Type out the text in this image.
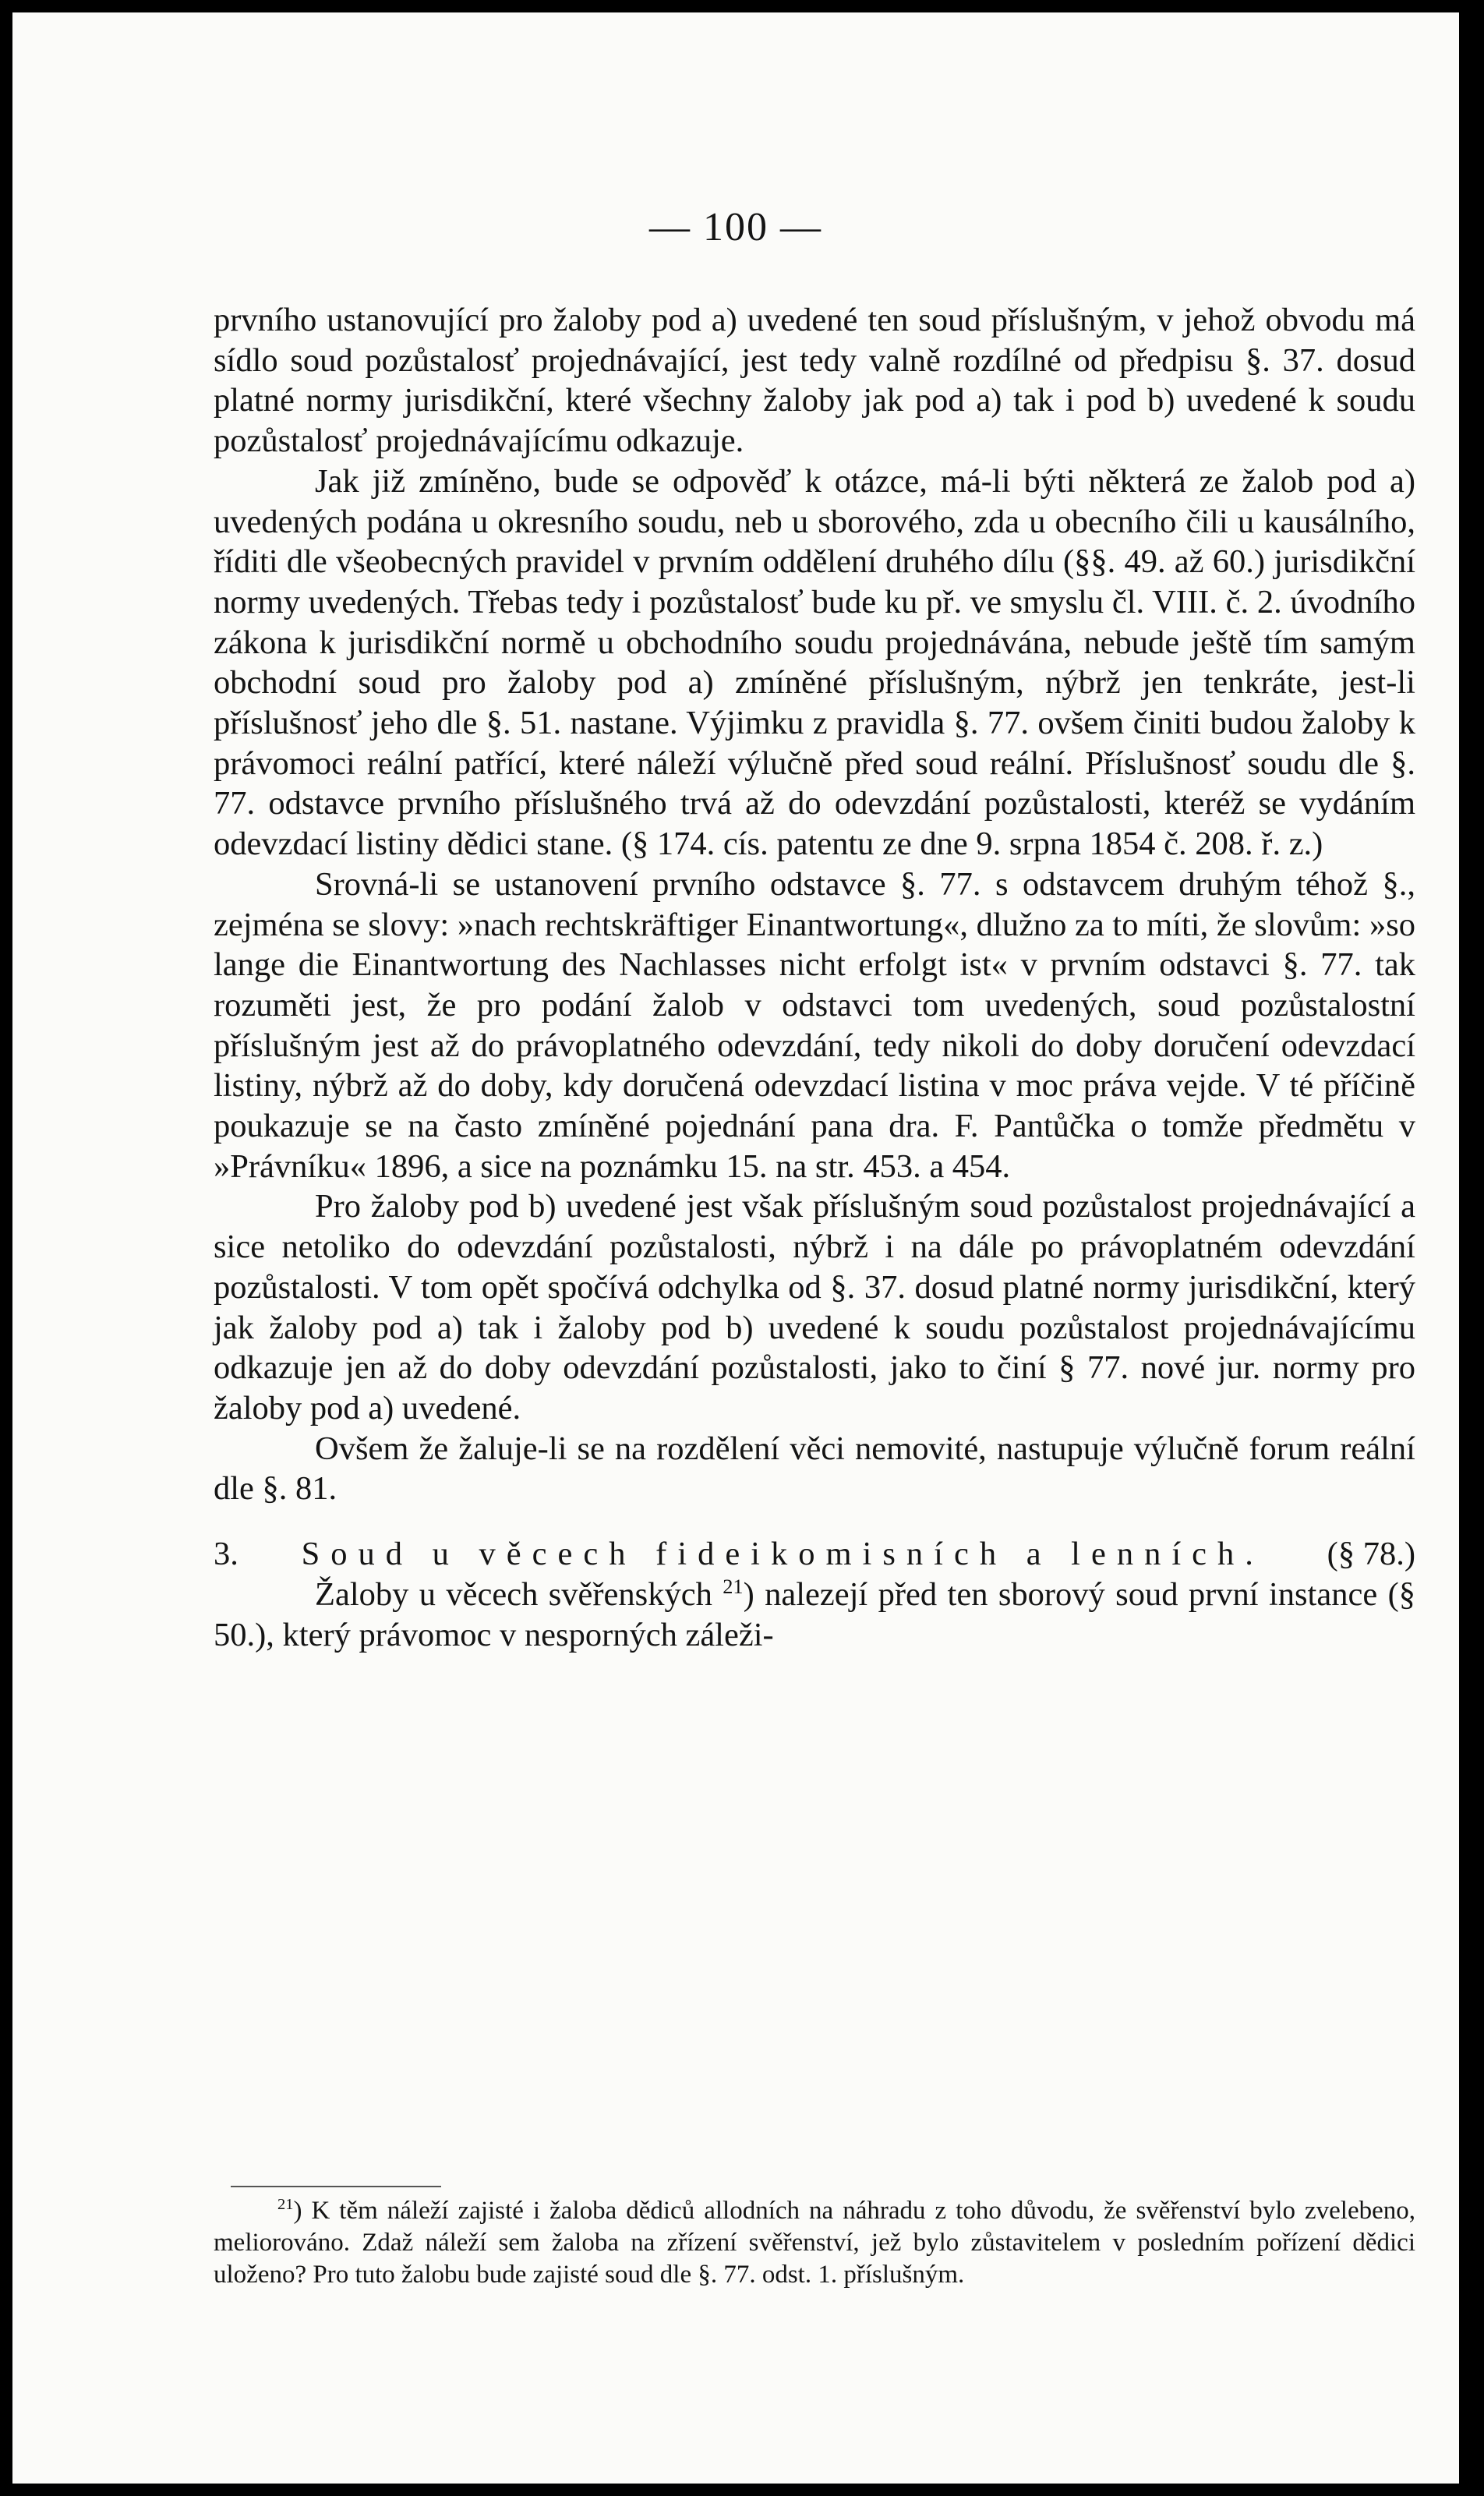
— 100 —

prvního ustanovující pro žaloby pod a) uvedené ten soud příslušným, v jehož obvodu má sídlo soud pozůstalosť projednávající, jest tedy valně rozdílné od předpisu §. 37. dosud platné normy jurisdikční, které všechny žaloby jak pod a) tak i pod b) uvedené k soudu pozůstalosť projednávajícímu odkazuje.

Jak již zmíněno, bude se odpověď k otázce, má-li býti některá ze žalob pod a) uvedených podána u okresního soudu, neb u sborového, zda u obecního čili u kausálního, říditi dle všeobecných pravidel v prvním oddělení druhého dílu (§§. 49. až 60.) jurisdikční normy uvedených. Třebas tedy i pozůstalosť bude ku př. ve smyslu čl. VIII. č. 2. úvodního zákona k jurisdikční normě u obchodního soudu projednávána, nebude ještě tím samým obchodní soud pro žaloby pod a) zmíněné příslušným, nýbrž jen tenkráte, jest-li příslušnosť jeho dle §. 51. nastane. Výjimku z pravidla §. 77. ovšem činiti budou žaloby k právomoci reální patřící, které náleží výlučně před soud reální. Příslušnosť soudu dle §. 77. odstavce prvního příslušného trvá až do odevzdání pozůstalosti, kteréž se vydáním odevzdací listiny dědici stane. (§ 174. cís. patentu ze dne 9. srpna 1854 č. 208. ř. z.)

Srovná-li se ustanovení prvního odstavce §. 77. s odstavcem druhým téhož §., zejména se slovy: »nach rechtskräftiger Einantwortung«, dlužno za to míti, že slovům: »so lange die Einantwortung des Nachlasses nicht erfolgt ist« v prvním odstavci §. 77. tak rozuměti jest, že pro podání žalob v odstavci tom uvedených, soud pozůstalostní příslušným jest až do právoplatného odevzdání, tedy nikoli do doby doručení odevzdací listiny, nýbrž až do doby, kdy doručená odevzdací listina v moc práva vejde. V té příčině poukazuje se na často zmíněné pojednání pana dra. F. Pantůčka o tomže předmětu v »Právníku« 1896, a sice na poznámku 15. na str. 453. a 454.

Pro žaloby pod b) uvedené jest však příslušným soud pozůstalost projednávající a sice netoliko do odevzdání pozůstalosti, nýbrž i na dále po právoplatném odevzdání pozůstalosti. V tom opět spočívá odchylka od §. 37. dosud platné normy jurisdikční, který jak žaloby pod a) tak i žaloby pod b) uvedené k soudu pozůstalost projednávajícímu odkazuje jen až do doby odevzdání pozůstalosti, jako to činí § 77. nové jur. normy pro žaloby pod a) uvedené.

Ovšem že žaluje-li se na rozdělení věci nemovité, nastupuje výlučně forum reální dle §. 81.

3. Soud u věcech fideikomisních a lenních. (§ 78.)

Žaloby u věcech svěřenských $^{21}$) nalezejí před ten sborový soud první instance (§ 50.), který právomoc v nesporných záleži-

$^{21}$) K těm náleží zajisté i žaloba dědiců allodních na náhradu z toho důvodu, že svěřenství bylo zvelebeno, meliorováno. Zdaž náleží sem žaloba na zřízení svěřenství, jež bylo zůstavitelem v posledním pořízení dědici uloženo? Pro tuto žalobu bude zajisté soud dle §. 77. odst. 1. příslušným.
